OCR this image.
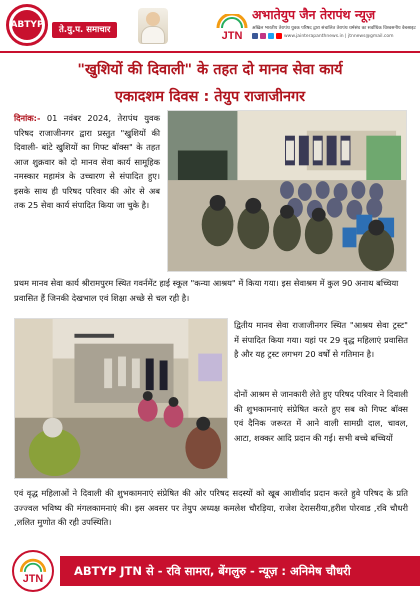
ABTYP	ते.यु.प. समाचार	JTN
अभातेयुप जैन तेरापंथ न्यूज़
अखिल भारतीय तेरापंथ युवक परिषद द्वारा संचालित तेरापंथ धर्मसंघ का सर्वाधिक विश्वसनीय वेबसाइट
www.jainterapanthnews.in | jtnnews@gmail.com
"खुशियों की दिवाली" के तहत दो मानव सेवा कार्य
एकादशम दिवस : तेयुप राजाजीनगर
दिनांक:- 01 नवंबर 2024, तेरापंथ युवक परिषद राजाजीनगर द्वारा प्रस्तुत "खुशियों की दिवाली- बांटे खुशियों का गिफ्ट बॉक्स" के तहत आज शुक्रवार को दो मानव सेवा कार्य सामूहिक नमस्कार महामंत्र के उच्चारण से संपादित हुए। इसके साथ ही परिषद परिवार की ओर से अब तक 25 सेवा कार्य संपादित किया जा चुके है।
प्रथम मानव सेवा कार्य श्रीरामपुरम स्थित गवर्नमेंट हाई स्कूल "कन्या आश्रय" में किया गया। इस सेवाश्रम में कुल 90 अनाथ बच्चिया प्रवासित हैं जिनकी देखभाल एवं शिक्षा अच्छे से चल रही है।
द्वितीय मानव सेवा राजाजीनगर स्थित "आश्रय सेवा ट्रस्ट" में संपादित किया गया। यहां पर 29 वृद्ध महिलाएं प्रवासित है और यह ट्रस्ट लगभग 20 वर्षों से गतिमान है।
दोनों आश्रम से जानकारी लेते हुए परिषद परिवार ने दिवाली की शुभकामनाएं संप्रेषित करते हुए सब को गिफ्ट बॉक्स एवं दैनिक जरूरत में आने वाली सामग्री दाल, चावल, आटा, शक्कर आदि प्रदान की गई। सभी बच्चे बच्चियों
एवं वृद्ध महिलाओं ने दिवाली की शुभकामनाएं संप्रेषित की ओर परिषद सदस्यों को खूब आशीर्वाद प्रदान करते हुवे परिषद के प्रति उज्ज्वल भविष्य की मंगलकामनाएं की। इस अवसर पर तेयुप अध्यक्ष कमलेश चौरड़िया, राजेश देरासरीया,हरीश पोरवाड ,रवि चौधरी ,ललित मुणोत की रही उपस्थिति।
JTN
ABTYP JTN से - रवि सामरा, बेंगलुरु - न्यूज़ : अनिमेष चौधरी
